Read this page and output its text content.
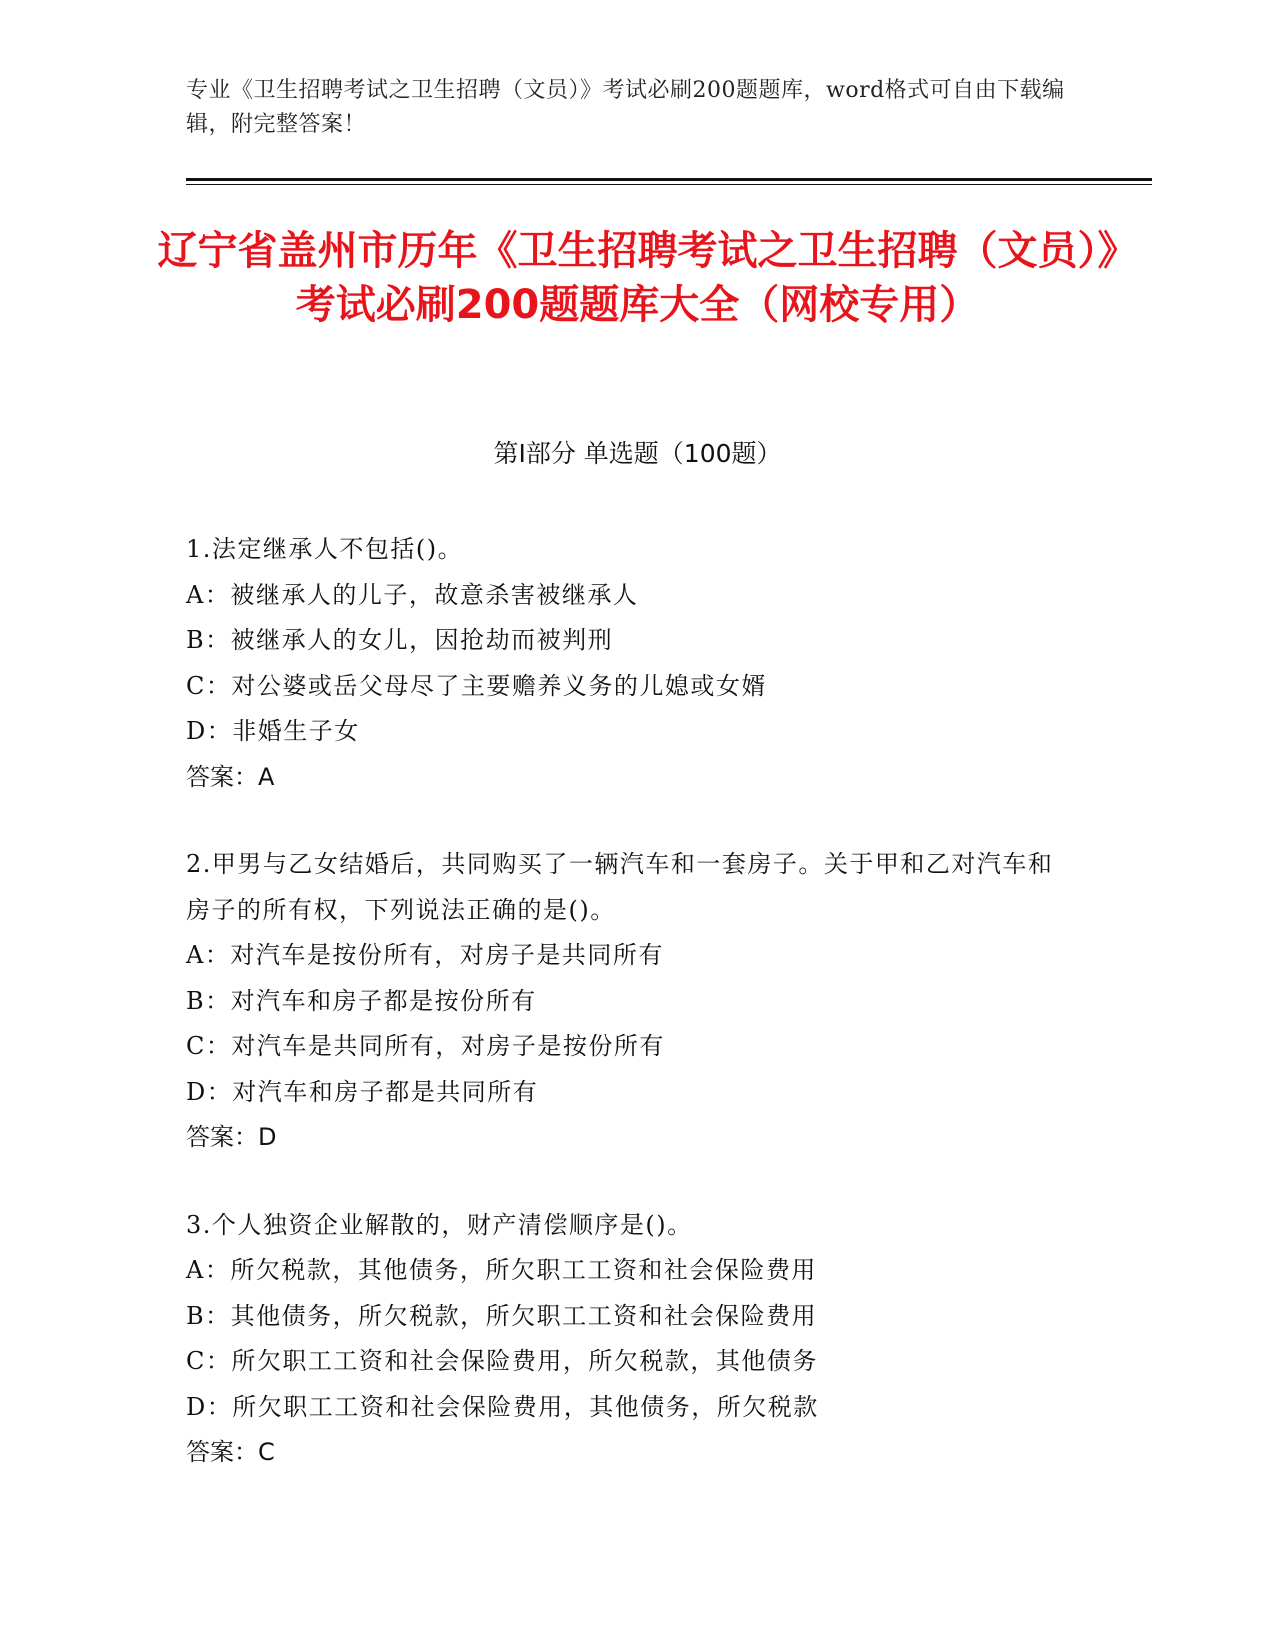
专业《卫生招聘考试之卫生招聘（文员）》考试必刷200题题库，word格式可自由下载编辑，附完整答案！
辽宁省盖州市历年《卫生招聘考试之卫生招聘（文员）》考试必刷200题题库大全（网校专用）
第Ⅰ部分 单选题（100题）
1.法定继承人不包括()。
A：被继承人的儿子，故意杀害被继承人
B：被继承人的女儿，因抢劫而被判刑
C：对公婆或岳父母尽了主要赡养义务的儿媳或女婿
D：非婚生子女
答案：A
2.甲男与乙女结婚后，共同购买了一辆汽车和一套房子。关于甲和乙对汽车和房子的所有权，下列说法正确的是()。
A：对汽车是按份所有，对房子是共同所有
B：对汽车和房子都是按份所有
C：对汽车是共同所有，对房子是按份所有
D：对汽车和房子都是共同所有
答案：D
3.个人独资企业解散的，财产清偿顺序是()。
A：所欠税款，其他债务，所欠职工工资和社会保险费用
B：其他债务，所欠税款，所欠职工工资和社会保险费用
C：所欠职工工资和社会保险费用，所欠税款，其他债务
D：所欠职工工资和社会保险费用，其他债务，所欠税款
答案：C
